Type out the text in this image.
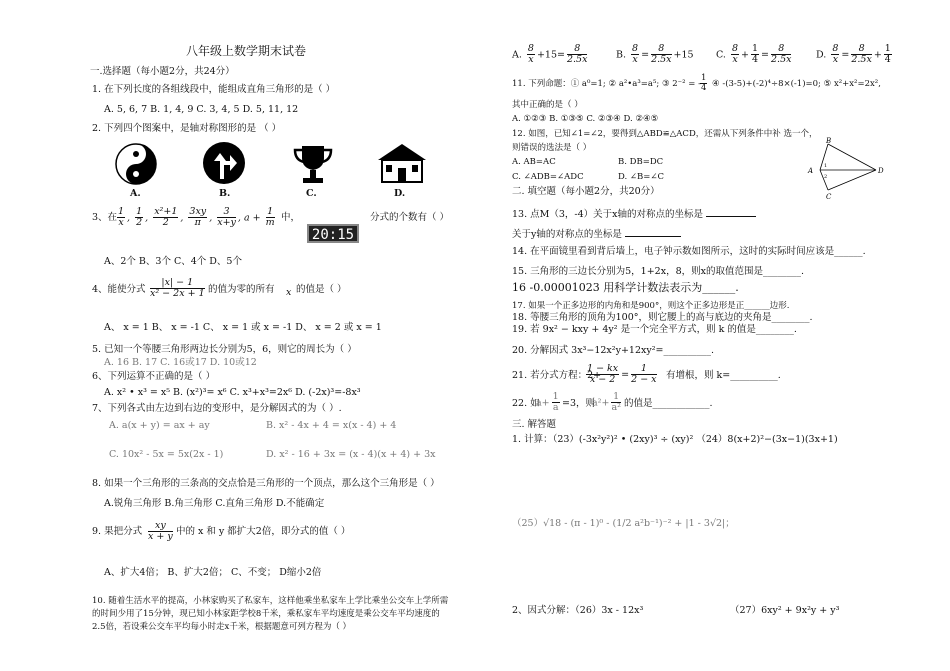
八年级上数学期末试卷
一.选择题（每小题2分，共24分）
1. 在下列长度的各组线段中，能组成直角三角形的是（ ）
A. 5, 6, 7 B. 1, 4, 9 C. 3, 4, 5 D. 5, 11, 12
2. 下列四个图案中，是轴对称图形的是 （ ）
A.	B.	C.	D.
3、在 $\frac{1}{x}$ , $\frac{1}{2}$ , $\frac{\text{x²+1}}{2}$ , $\frac{3xy}{\pi}$ , $\frac{3}{x+y}$ , $a + \frac{1}{m}$ 中，
20:15
分式的个数有（ ）
A、2个 B、3个 C、4个 D、5个
4、能使分式 $\frac{|x| - 1}{\text{x² − 2x + 1}}$ 的值为零的所有 x 的值是（ ）
A、 x = 1 B、 x = -1 C、 x = 1 或 x = -1 D、 x = 2 或 x = 1
5. 已知一个等腰三角形两边长分别为5，6，则它的周长为（ ）
A. 16 B. 17 C. 16或17 D. 10或12
6、下列运算不正确的是（ ）
A. x² • x³ = x⁵ B. (x²)³= x⁶ C. x³+x³=2x⁶ D. (-2x)³=-8x³
7、下列各式由左边到右边的变形中，是分解因式的为（ ）.
A. a(x + y) = ax + ay	B. x² - 4x + 4 = x(x - 4) + 4
C. 10x² - 5x = 5x(2x - 1)	D. x² - 16 + 3x = (x - 4)(x + 4) + 3x
8. 如果一个三角形的三条高的交点恰是三角形的一个顶点，那么这个三角形是（ ）
A.锐角三角形 B.角三角形 C.直角三角形 D.不能确定
9. 果把分式 $\frac{xy}{x + y}$ 中的 x 和 y 都扩大2倍，即分式的值（ ）
A、扩大4倍； B、扩大2倍； C、不变； D缩小2倍
10. 随着生活水平的提高，小林家购买了私家车，这样他乘坐私家车上学比乘坐公交车上学所需
的时间少用了15分钟，现已知小林家距学校8千米，乘私家车平均速度是乘公交车平均速度的
2.5倍，若设乘公交车平均每小时走x千米，根据题意可列方程为（ ）
A. $\frac{8}{x} +15= \frac{8}{2.5x}$	B. $\frac{8}{x} = \frac{8}{2.5x} +15$ C. $\frac{8}{x} + \frac{1}{4} = \frac{8}{2.5x}$	D. $\frac{8}{x} = \frac{8}{2.5x} + \frac{1}{4}$
11. 下列命题：① a⁰=1; ② a²•a³=a⁵; ③ 2⁻² = - $\frac{1}{4}$ ④ -(3-5)+(-2)⁴÷8×(-1)=0; ⑤ x²+x²=2x²,
其中正确的是（ ）
A. ①②③ B. ①③⑤ C. ②③④ D. ②④⑤
12. 如图，已知∠1=∠2，要得到△ABD≌△ACD，还需从下列条件中补 选一个，
则错误的选法是（ ）
A. AB=AC	B. DB=DC
C. ∠ADB=∠ADC	D. ∠B=∠C
A
B
C
D
1
2
二. 填空题（每小题2分，共20分）
13. 点M（3，-4）关于x轴的对称点的坐标是
关于y轴的对称点的坐标是
14. 在平面镜里看到背后墙上，电子钟示数如图所示，这时的实际时间应该是______.
15. 三角形的三边长分别为5，1+2x，8，则x的取值范围是________.
16 -0.00001023 用科学计数法表示为______.
17. 如果一个正多边形的内角和是900°，则这个正多边形是正______边形.
18. 等腰三角形的顶角为100°，则它腰上的高与底边的夹角是________.
19. 若 9x² − kxy + 4y² 是一个完全平方式，则 k 的值是________.
20. 分解因式 3x³−12x²y+12xy²=__________.
21. 若分式方程：2+
$\frac{1 - kx}{x - 2} = \frac{1}{2 - x}$ 有增根，则 k=__________.
22. 如
$a+ \frac{1}{a} =3$，则
$a^2+ \frac{1}{\text{a²}}$ 的值是____________.
三. 解答题
1. 计算：（23）(-3x²y²)² • (2xy)³ ÷ (xy)² （24）8(x+2)²−(3x−1)(3x+1)
（25）√18 - (π - 1)⁰ - (1/2 a²b⁻¹)⁻² + |1 - 3√2|；
2、因式分解：（26）3x - 12x³	（27）6xy² + 9x²y + y³
